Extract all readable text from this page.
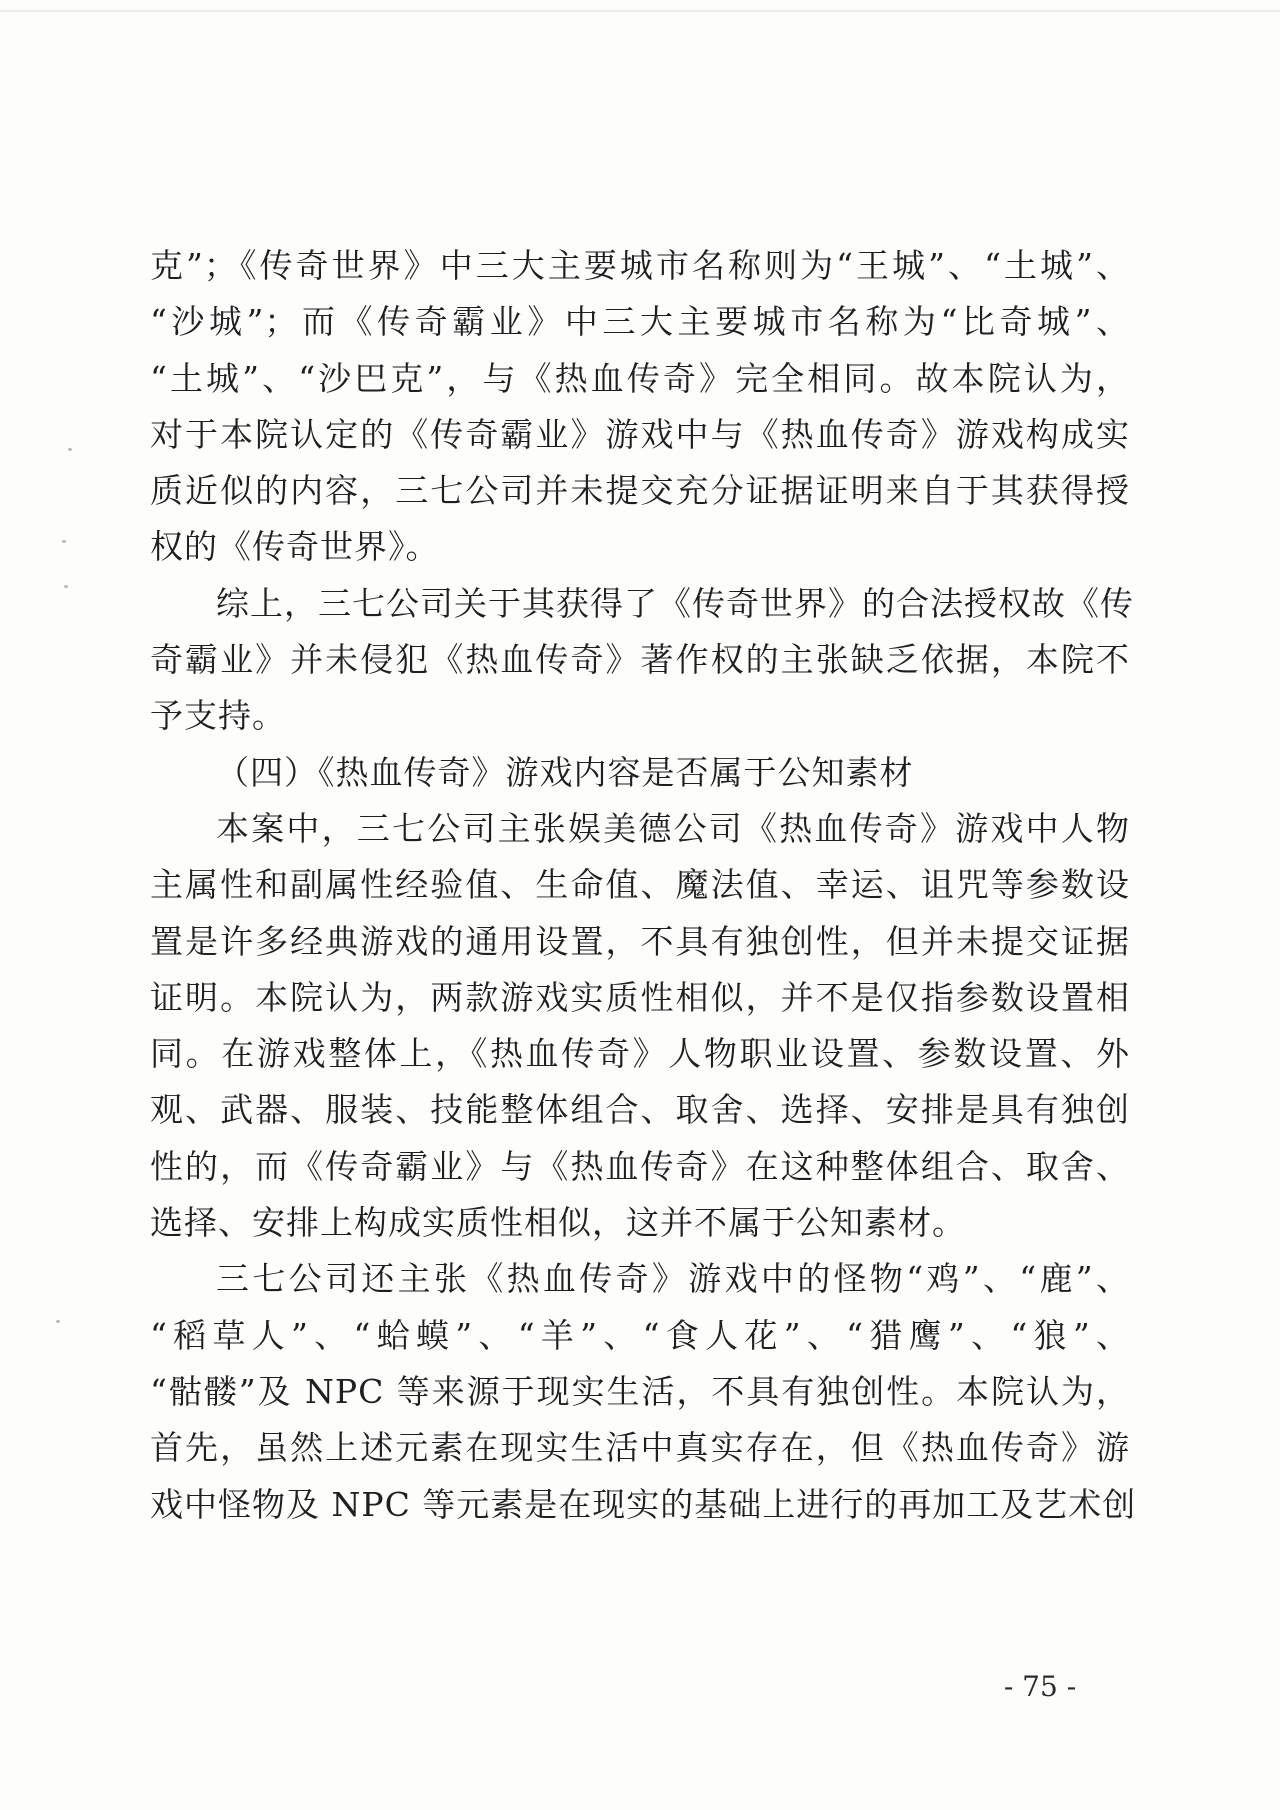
克”；《传奇世界》中三大主要城市名称则为“王城”、“土城”、
“沙城”；而《传奇霸业》中三大主要城市名称为“比奇城”、
“土城”、“沙巴克”，与《热血传奇》完全相同。故本院认为，
对于本院认定的《传奇霸业》游戏中与《热血传奇》游戏构成实
质近似的内容，三七公司并未提交充分证据证明来自于其获得授
权的《传奇世界》。
综上，三七公司关于其获得了《传奇世界》的合法授权故《传
奇霸业》并未侵犯《热血传奇》著作权的主张缺乏依据，本院不
予支持。
（四）《热血传奇》游戏内容是否属于公知素材
本案中，三七公司主张娱美德公司《热血传奇》游戏中人物
主属性和副属性经验值、生命值、魔法值、幸运、诅咒等参数设
置是许多经典游戏的通用设置，不具有独创性，但并未提交证据
证明。本院认为，两款游戏实质性相似，并不是仅指参数设置相
同。在游戏整体上，《热血传奇》人物职业设置、参数设置、外
观、武器、服装、技能整体组合、取舍、选择、安排是具有独创
性的，而《传奇霸业》与《热血传奇》在这种整体组合、取舍、
选择、安排上构成实质性相似，这并不属于公知素材。
三七公司还主张《热血传奇》游戏中的怪物“鸡”、“鹿”、
“稻草人”、“蛤蟆”、“羊”、“食人花”、“猎鹰”、“狼”、
“骷髅”及 NPC 等来源于现实生活，不具有独创性。本院认为，
首先，虽然上述元素在现实生活中真实存在，但《热血传奇》游
戏中怪物及 NPC 等元素是在现实的基础上进行的再加工及艺术创
- 75 -
